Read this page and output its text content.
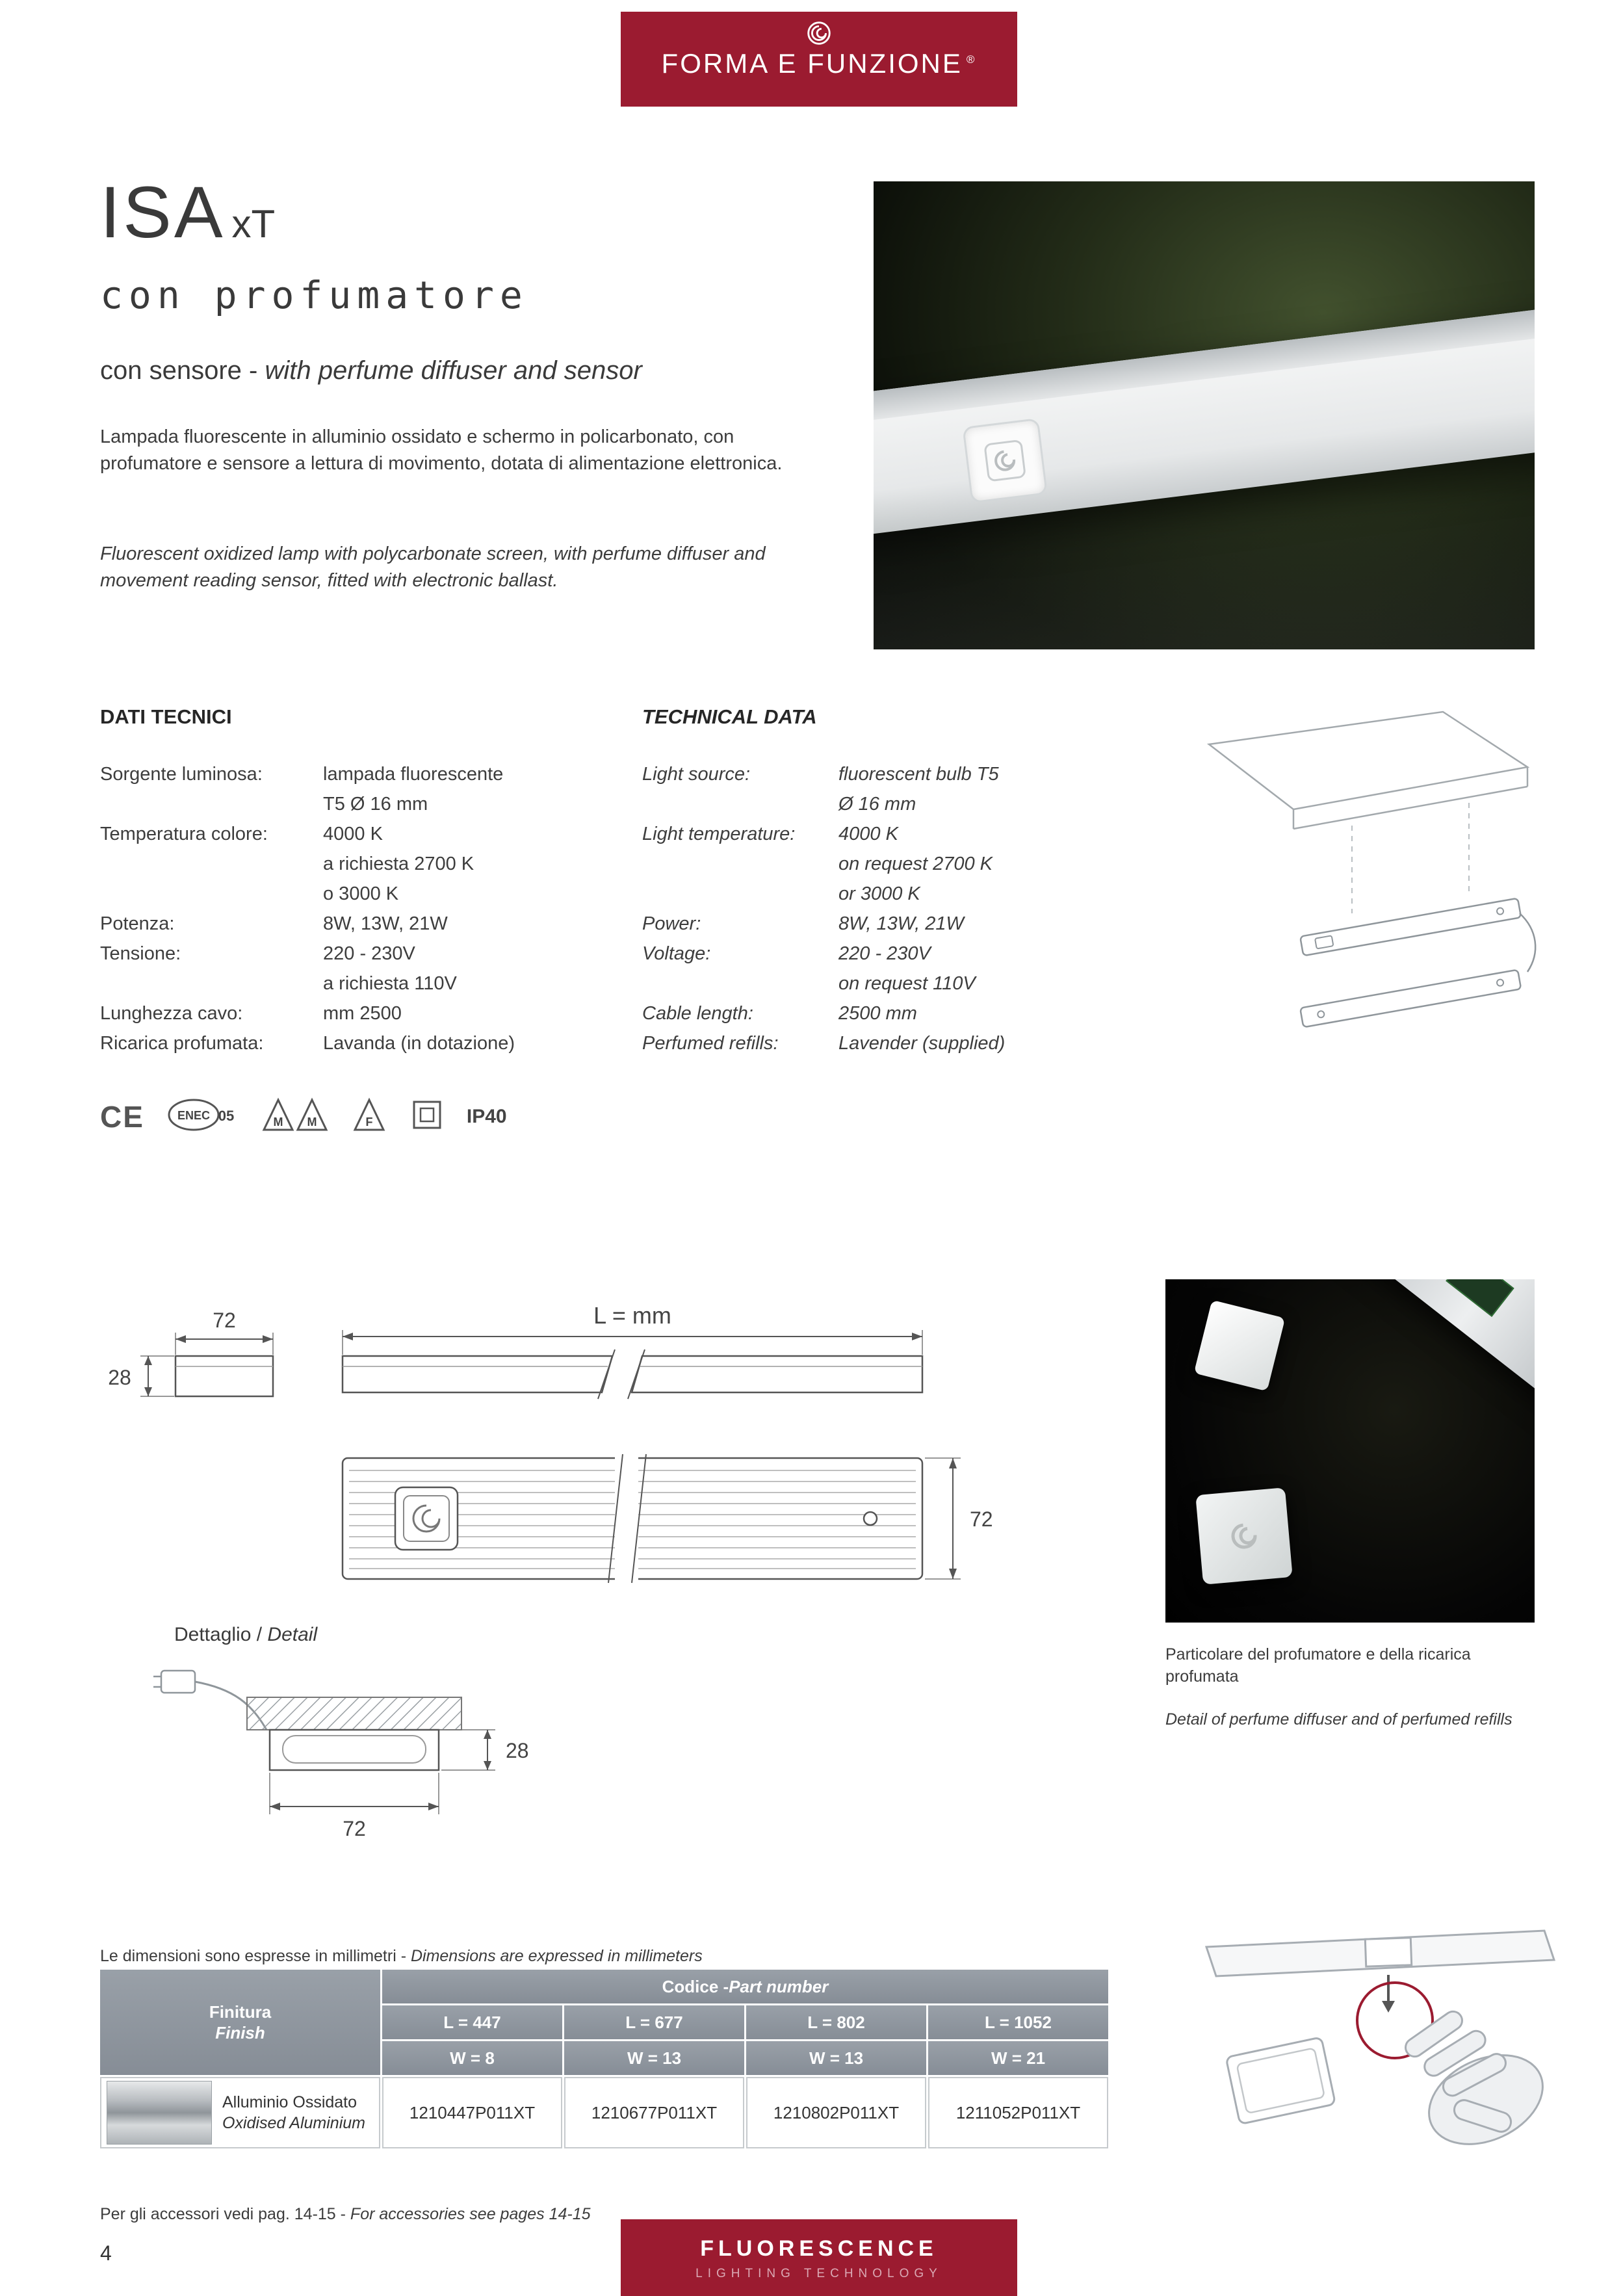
FORMA E FUNZIONE ®
ISA xT
con profumatore
con sensore - with perfume diffuser and sensor
Lampada fluorescente in alluminio ossidato e schermo in policarbonato, con profumatore e sensore a lettura di movimento, dotata di alimentazione elettronica.
Fluorescent oxidized lamp with polycarbonate screen, with perfume diffuser and movement reading sensor, fitted with electronic ballast.
DATI TECNICI	TECHNICAL DATA
Sorgente luminosa:	lampada fluorescente
T5 Ø 16 mm
Temperatura colore:	4000 K
a richiesta 2700 K
o 3000 K
Potenza:	8W, 13W, 21W
Tensione:	220 - 230V
a richiesta 110V
Lunghezza cavo:	mm 2500
Ricarica profumata:	Lavanda (in dotazione)
Light source:	fluorescent bulb T5
Ø 16 mm
Light temperature:	4000 K
on request 2700 K
or 3000 K
Power:	8W, 13W, 21W
Voltage:	220 - 230V
on request 110V
Cable length:	2500 mm
Perfumed refills:	Lavender (supplied)
CE	ENEC 05	M M	F	IP40
72
28
L = mm
72
Dettaglio / Detail
28
72
Particolare del profumatore e della ricarica profumata
Detail of perfume diffuser and of perfumed refills
Le dimensioni sono espresse in millimetri - Dimensions are expressed in millimeters
Finitura
Finish
Codice - Part number
L = 447	L = 677	L = 802	L = 1052
W = 8	W = 13	W = 13	W = 21
Alluminio Ossidato
Oxidised Aluminium
1210447P011XT	1210677P011XT	1210802P011XT	1211052P011XT
Per gli accessori vedi pag. 14-15 - For accessories see pages 14-15
4	FLUORESCENCE
LIGHTING TECHNOLOGY
